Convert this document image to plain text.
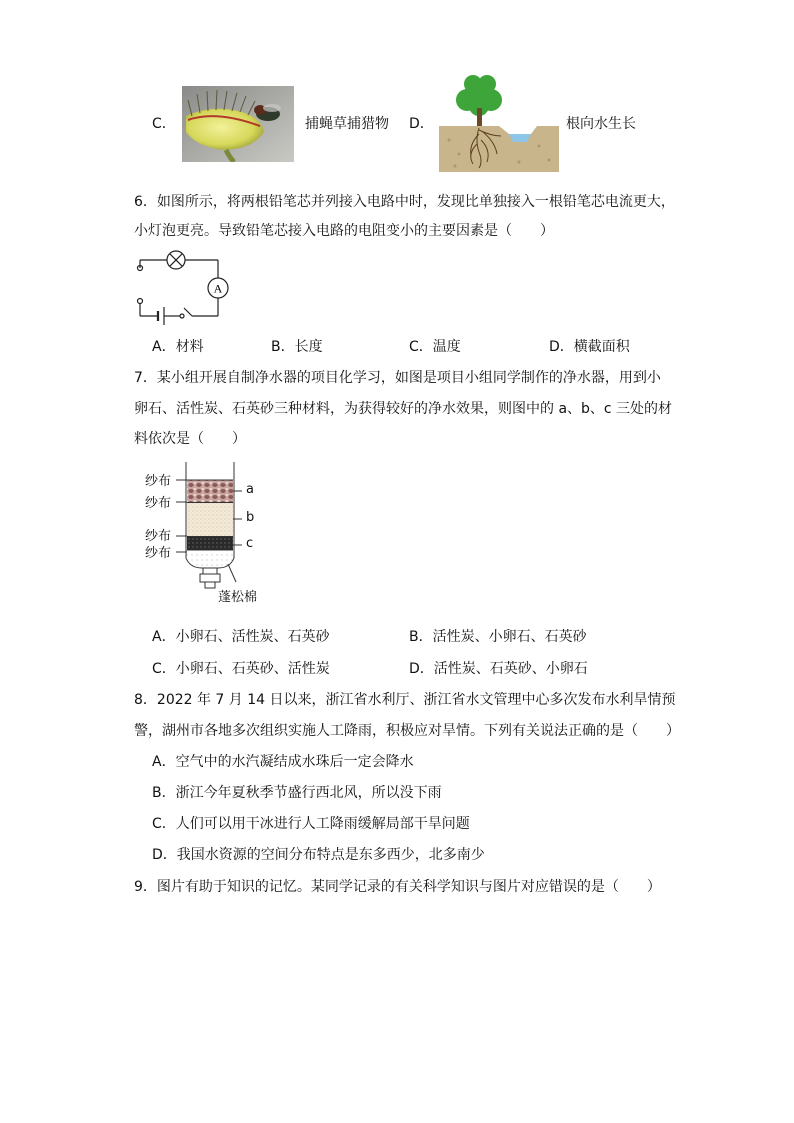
C．	捕蝇草捕猎物 D．	根向水生长
6．如图所示，将两根铅笔芯并列接入电路中时，发现比单独接入一根铅笔芯电流更大，
小灯泡更亮。导致铅笔芯接入电路的电阻变小的主要因素是（　　）
A
A．材料	B．长度	C．温度	D．横截面积
7．某小组开展自制净水器的项目化学习，如图是项目小组同学制作的净水器，用到小
卵石、活性炭、石英砂三种材料，为获得较好的净水效果，则图中的 a、b、c 三处的材
料依次是（　　）
纱布
纱布
纱布
纱布
a
b
c
蓬松棉
A．小卵石、活性炭、石英砂	B．活性炭、小卵石、石英砂
C．小卵石、石英砂、活性炭	D．活性炭、石英砂、小卵石
8．2022 年 7 月 14 日以来，浙江省水利厅、浙江省水文管理中心多次发布水利旱情预
警，湖州市各地多次组织实施人工降雨，积极应对旱情。下列有关说法正确的是（　　）
A．空气中的水汽凝结成水珠后一定会降水
B．浙江今年夏秋季节盛行西北风，所以没下雨
C．人们可以用干冰进行人工降雨缓解局部干旱问题
D．我国水资源的空间分布特点是东多西少，北多南少
9．图片有助于知识的记忆。某同学记录的有关科学知识与图片对应错误的是（　　）
